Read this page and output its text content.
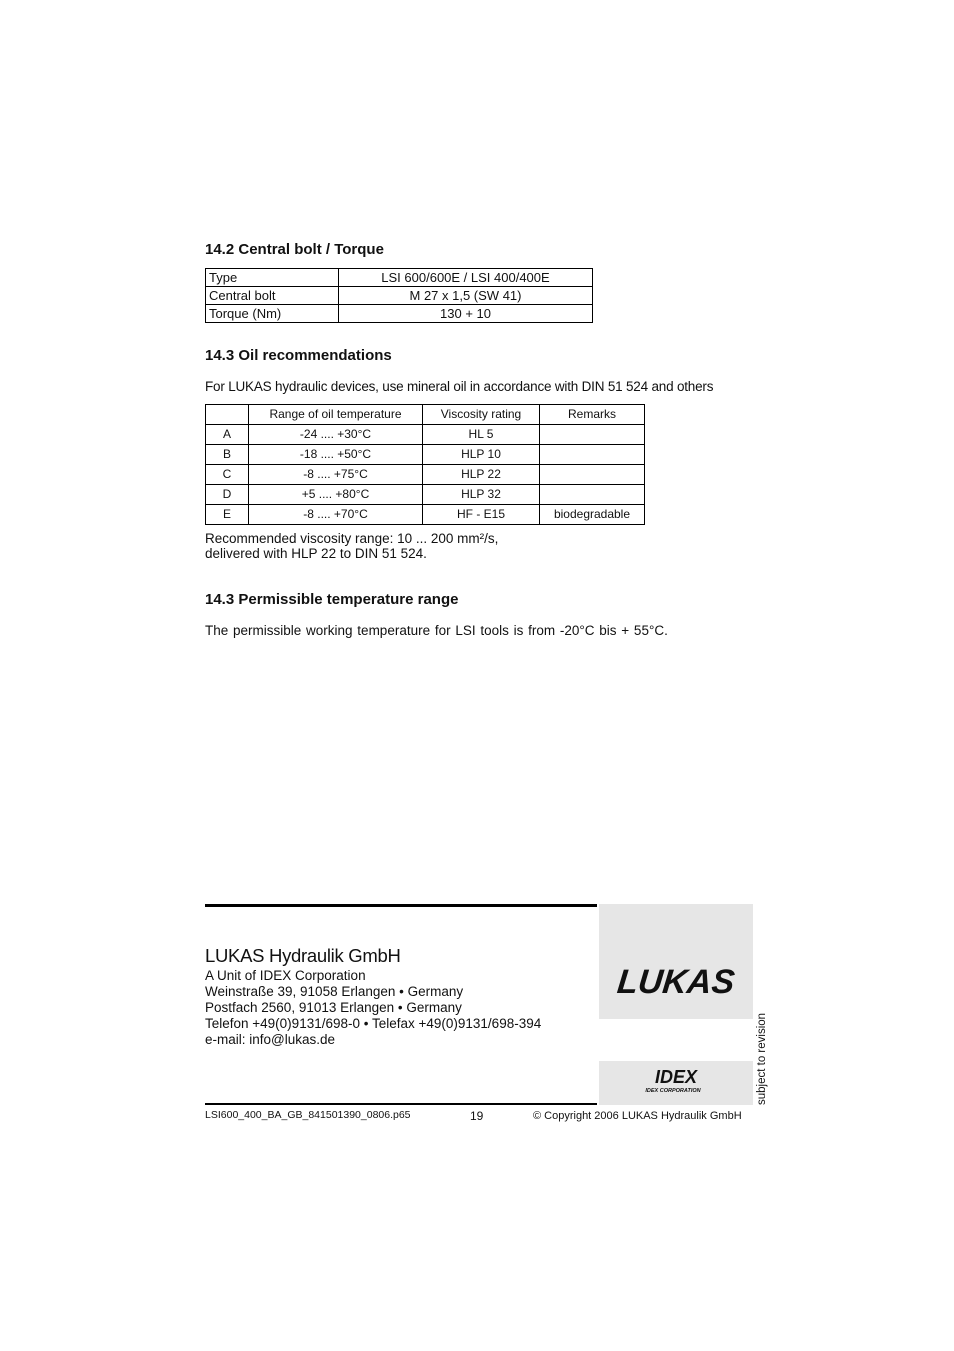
14.2 Central bolt / Torque
Type	LSI 600/600E / LSI 400/400E
Central bolt	M 27 x 1,5 (SW 41)
Torque (Nm)	130 + 10
14.3 Oil recommendations

For LUKAS hydraulic devices, use mineral oil in accordance with DIN 51 524 and others

	Range of oil temperature	Viscosity rating	Remarks
A	-24 .... +30°C	HL 5	
B	-18 .... +50°C	HLP 10	
C	-8 .... +75°C	HLP 22	
D	+5 .... +80°C	HLP 32	
E	-8 .... +70°C	HF - E15	biodegradable

Recommended viscosity range: 10 ... 200 mm²/s,

delivered with HLP 22 to DIN 51 524.

14.3 Permissible temperature range

The permissible working temperature for LSI tools is from -20°C bis + 55°C.

LUKAS Hydraulik GmbH
A Unit of IDEX Corporation
Weinstraße 39, 91058 Erlangen • Germany
Postfach 2560, 91013 Erlangen • Germany
Telefon +49(0)9131/698-0 • Telefax +49(0)9131/698-394
e-mail: info@lukas.de
LUKAS
IDEX
IDEX CORPORATION	subject to revision
LSI600_400_BA_GB_841501390_0806.p65	19	© Copyright 2006 LUKAS Hydraulik GmbH
